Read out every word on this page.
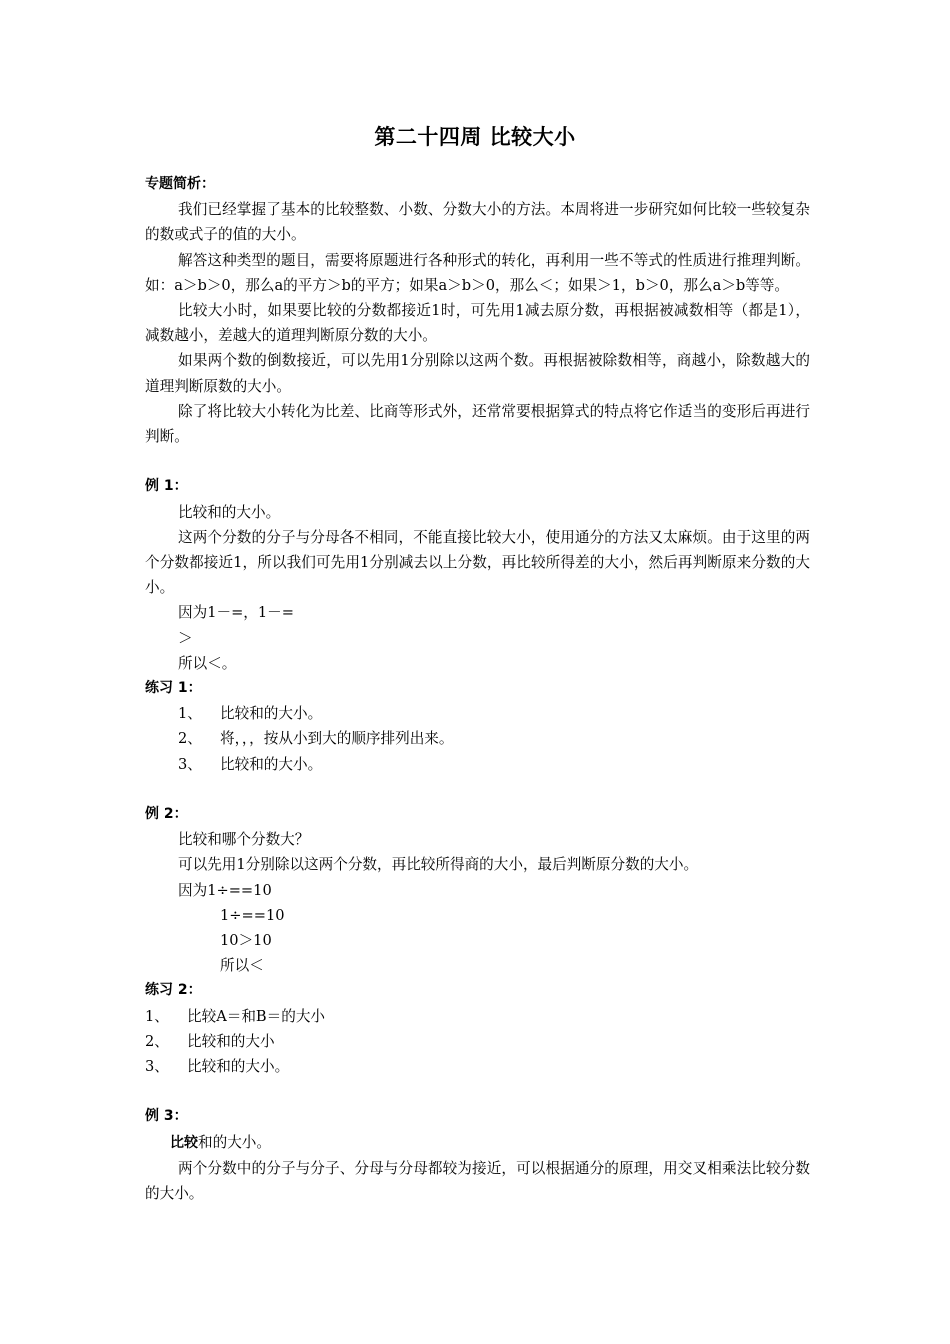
第二十四周 比较大小
专题简析：

我们已经掌握了基本的比较整数、小数、分数大小的方法。本周将进一步研究如何比较一些较复杂的数或式子的值的大小。

解答这种类型的题目，需要将原题进行各种形式的转化，再利用一些不等式的性质进行推理判断。如：a＞b＞0，那么a的平方＞b的平方；如果a＞b＞0，那么＜；如果＞1，b＞0，那么a＞b等等。

比较大小时，如果要比较的分数都接近1时，可先用1减去原分数，再根据被减数相等（都是1），减数越小，差越大的道理判断原分数的大小。

如果两个数的倒数接近，可以先用1分别除以这两个数。再根据被除数相等，商越小，除数越大的道理判断原数的大小。

除了将比较大小转化为比差、比商等形式外，还常常要根据算式的特点将它作适当的变形后再进行判断。

例 1：

比较和的大小。

这两个分数的分子与分母各不相同，不能直接比较大小，使用通分的方法又太麻烦。由于这里的两个分数都接近1，所以我们可先用1分别减去以上分数，再比较所得差的大小，然后再判断原来分数的大小。

因为1－=，1－=

＞

所以＜。

练习 1：
1、 比较和的大小。
2、 将，，，按从小到大的顺序排列出来。
3、 比较和的大小。
例 2：

比较和哪个分数大？

可以先用1分别除以这两个分数，再比较所得商的大小，最后判断原分数的大小。

因为1÷==10

1÷==10

10＞10

所以＜

练习 2：
1、 比较A＝和B＝的大小
2、 比较和的大小
3、 比较和的大小。
例 3：

比较和的大小。

两个分数中的分子与分子、分母与分母都较为接近，可以根据通分的原理，用交叉相乘法比较分数的大小。
